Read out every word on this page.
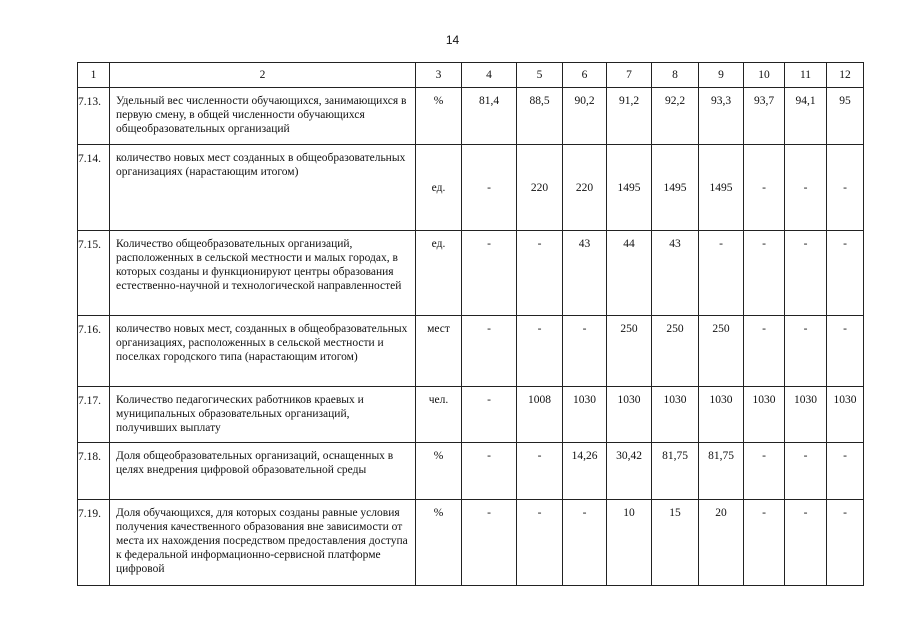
14
1	2	3	4	5	6	7	8	9	10	11	12
7.13.	Удельный вес численности обучающихся, занимающихся в первую смену, в общей численности обучающихся общеобразовательных организаций	%	81,4	88,5	90,2	91,2	92,2	93,3	93,7	94,1	95
7.14.	количество новых мест созданных в общеобразовательных организациях (нарастающим итогом)	ед.	-	220	220	1495	1495	1495	-	-	-
7.15.	Количество общеобразовательных организаций, расположенных в сельской местности и малых городах, в которых созданы и функционируют центры образования естественно-научной и технологической направленностей	ед.	-	-	43	44	43	-	-	-	-
7.16.	количество новых мест, созданных в общеобразовательных организациях, расположенных в сельской местности и поселках городского типа (нарастающим итогом)	мест	-	-	-	250	250	250	-	-	-
7.17.	Количество педагогических работников краевых и муниципальных образовательных организаций, получивших выплату	чел.	-	1008	1030	1030	1030	1030	1030	1030	1030
7.18.	Доля общеобразовательных организаций, оснащенных в целях внедрения цифровой образовательной среды	%	-	-	14,26	30,42	81,75	81,75	-	-	-
7.19.	Доля обучающихся, для которых созданы равные условия получения качественного образования вне зависимости от места их нахождения посредством предоставления доступа к федеральной информационно-сервисной платформе цифровой	%	-	-	-	10	15	20	-	-	-
